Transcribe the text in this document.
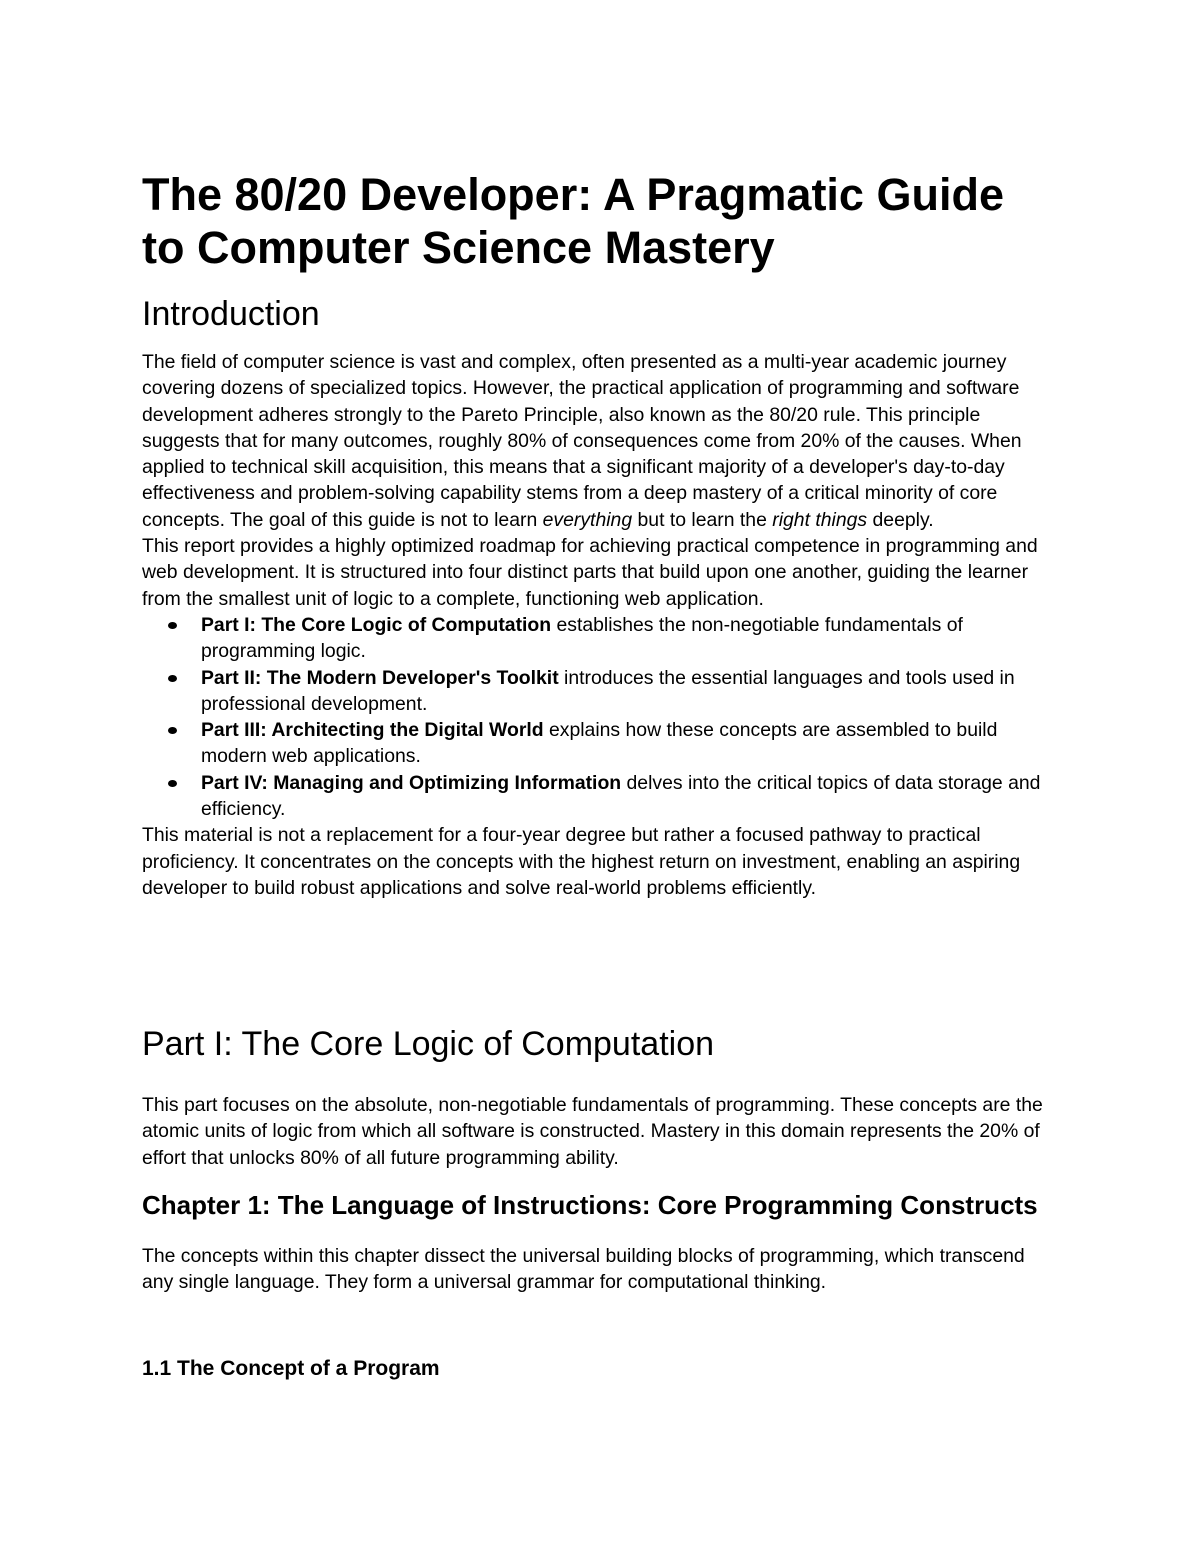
The 80/20 Developer: A Pragmatic Guide to Computer Science Mastery
Introduction

The field of computer science is vast and complex, often presented as a multi-year academic journey covering dozens of specialized topics. However, the practical application of programming and software development adheres strongly to the Pareto Principle, also known as the 80/20 rule. This principle suggests that for many outcomes, roughly 80% of consequences come from 20% of the causes. When applied to technical skill acquisition, this means that a significant majority of a developer's day-to-day effectiveness and problem-solving capability stems from a deep mastery of a critical minority of core concepts. The goal of this guide is not to learn everything but to learn the right things deeply.

This report provides a highly optimized roadmap for achieving practical competence in programming and web development. It is structured into four distinct parts that build upon one another, guiding the learner from the smallest unit of logic to a complete, functioning web application.

Part I: The Core Logic of Computation establishes the non-negotiable fundamentals of programming logic.
Part II: The Modern Developer's Toolkit introduces the essential languages and tools used in professional development.
Part III: Architecting the Digital World explains how these concepts are assembled to build modern web applications.
Part IV: Managing and Optimizing Information delves into the critical topics of data storage and efficiency.

This material is not a replacement for a four-year degree but rather a focused pathway to practical proficiency. It concentrates on the concepts with the highest return on investment, enabling an aspiring developer to build robust applications and solve real-world problems efficiently.

Part I: The Core Logic of Computation

This part focuses on the absolute, non-negotiable fundamentals of programming. These concepts are the atomic units of logic from which all software is constructed. Mastery in this domain represents the 20% of effort that unlocks 80% of all future programming ability.

Chapter 1: The Language of Instructions: Core Programming Constructs

The concepts within this chapter dissect the universal building blocks of programming, which transcend any single language. They form a universal grammar for computational thinking.

1.1 The Concept of a Program
